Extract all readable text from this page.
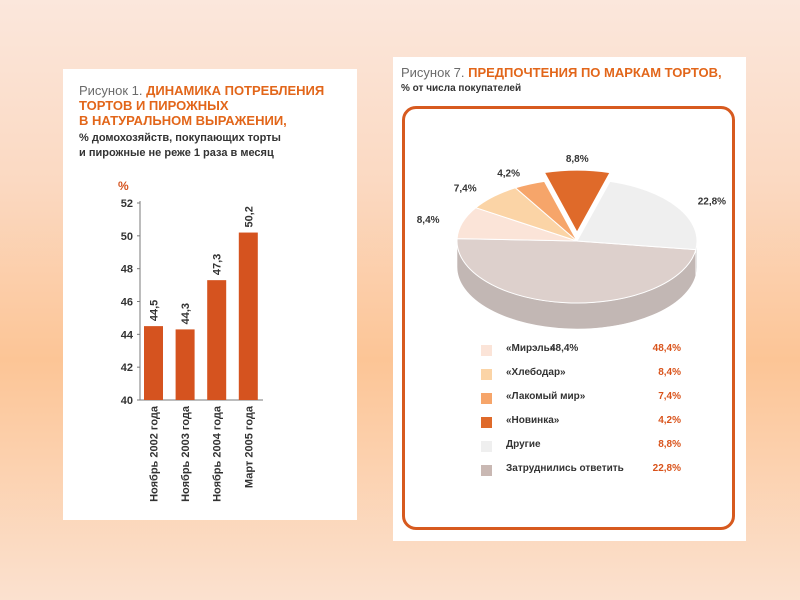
Рисунок 1. ДИНАМИКА ПОТРЕБЛЕНИЯ
ТОРТОВ И ПИРОЖНЫХ
В НАТУРАЛЬНОМ ВЫРАЖЕНИИ,
% домохозяйств, покупающих торты
и пирожные не реже 1 раза в месяц
%
40
42
44
46
48
50
52
44,5
Ноябрь 2002 года
44,3
Ноябрь 2003 года
47,3
Ноябрь 2004 года
50,2
Март 2005 года
Рисунок 7. ПРЕДПОЧТЕНИЯ ПО МАРКАМ ТОРТОВ,
% от числа покупателей
48,4%
8,4%
7,4%
4,2%
8,8%
22,8%
«Мирэль»	48,4%
«Хлебодар»	8,4%
«Лакомый мир»	7,4%
«Новинка»	4,2%
Другие	8,8%
Затруднились ответить	22,8%
